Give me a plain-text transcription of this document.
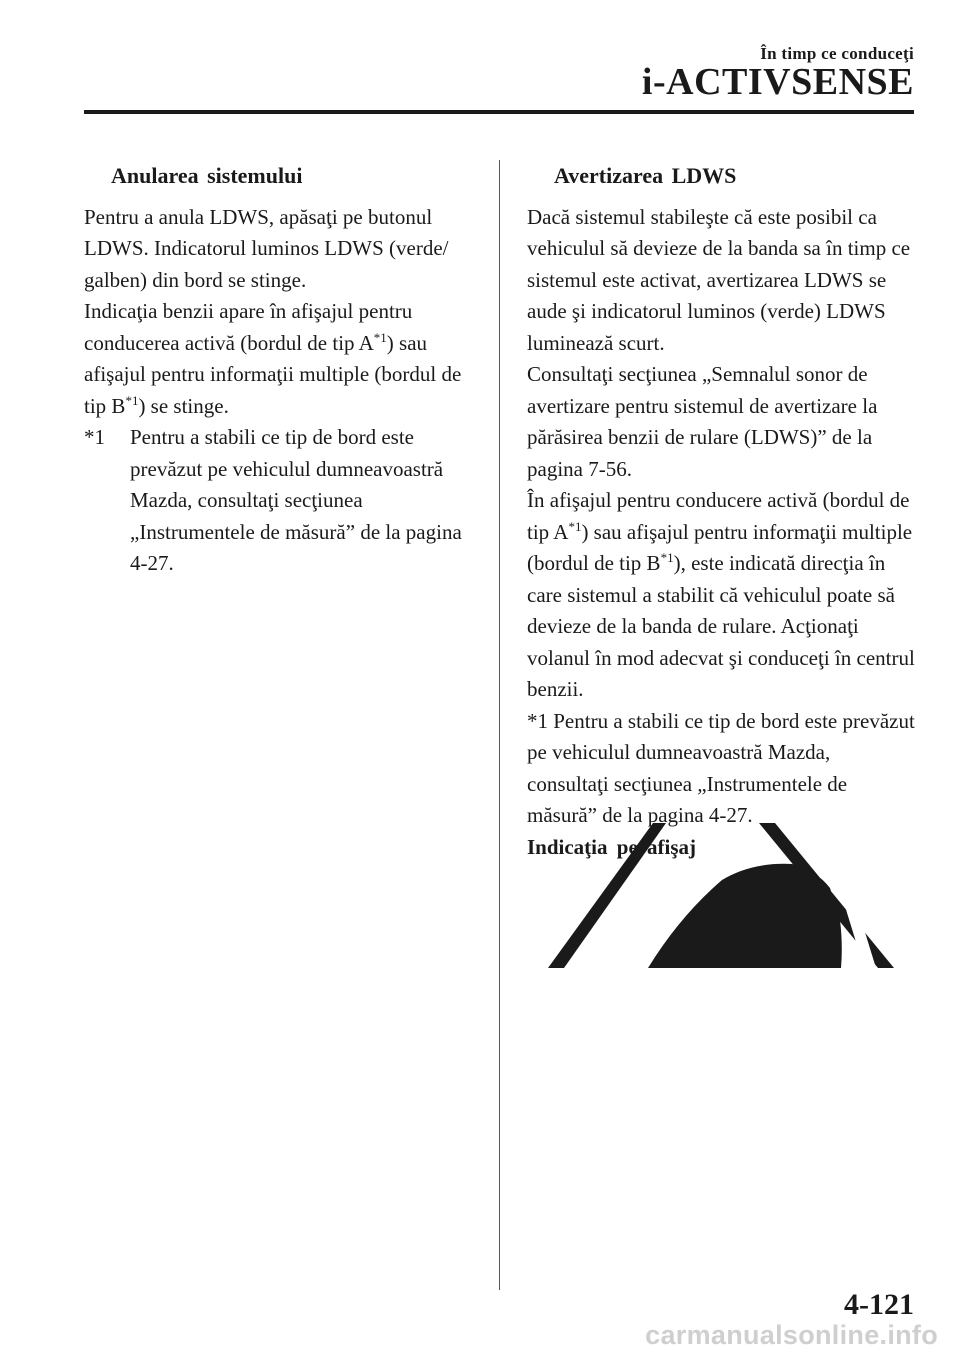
În timp ce conduceţi
i-ACTIVSENSE
Anularea sistemului

Pentru a anula LDWS, apăsaţi pe butonul LDWS. Indicatorul luminos LDWS (verde/ galben) din bord se stinge.

Indicaţia benzii apare în afişajul pentru conducerea activă (bordul de tip $A^{*1}$) sau afişajul pentru informaţii multiple (bordul de tip $B^{*1}$) se stinge.

*1 Pentru a stabili ce tip de bord este prevăzut pe vehiculul dumneavoastră Mazda, consultaţi secţiunea „Instrumentele de măsură” de la pagina 4-27.

Avertizarea LDWS

Dacă sistemul stabileşte că este posibil ca vehiculul să devieze de la banda sa în timp ce sistemul este activat, avertizarea LDWS se aude şi indicatorul luminos (verde) LDWS luminează scurt.

Consultaţi secţiunea „Semnalul sonor de avertizare pentru sistemul de avertizare la părăsirea benzii de rulare (LDWS)” de la pagina 7-56.

În afişajul pentru conducere activă (bordul de tip $A^{*1}$) sau afişajul pentru informaţii multiple (bordul de tip $B^{*1}$), este indicată direcţia în care sistemul a stabilit că vehiculul poate să devieze de la banda de rulare. Acţionaţi volanul în mod adecvat şi conduceţi în centrul benzii.

*1 Pentru a stabili ce tip de bord este prevăzut pe vehiculul dumneavoastră Mazda, consultaţi secţiunea „Instrumentele de măsură” de la pagina 4-27.

Indicaţia pe afişaj
4-121
carmanualsonline.info
